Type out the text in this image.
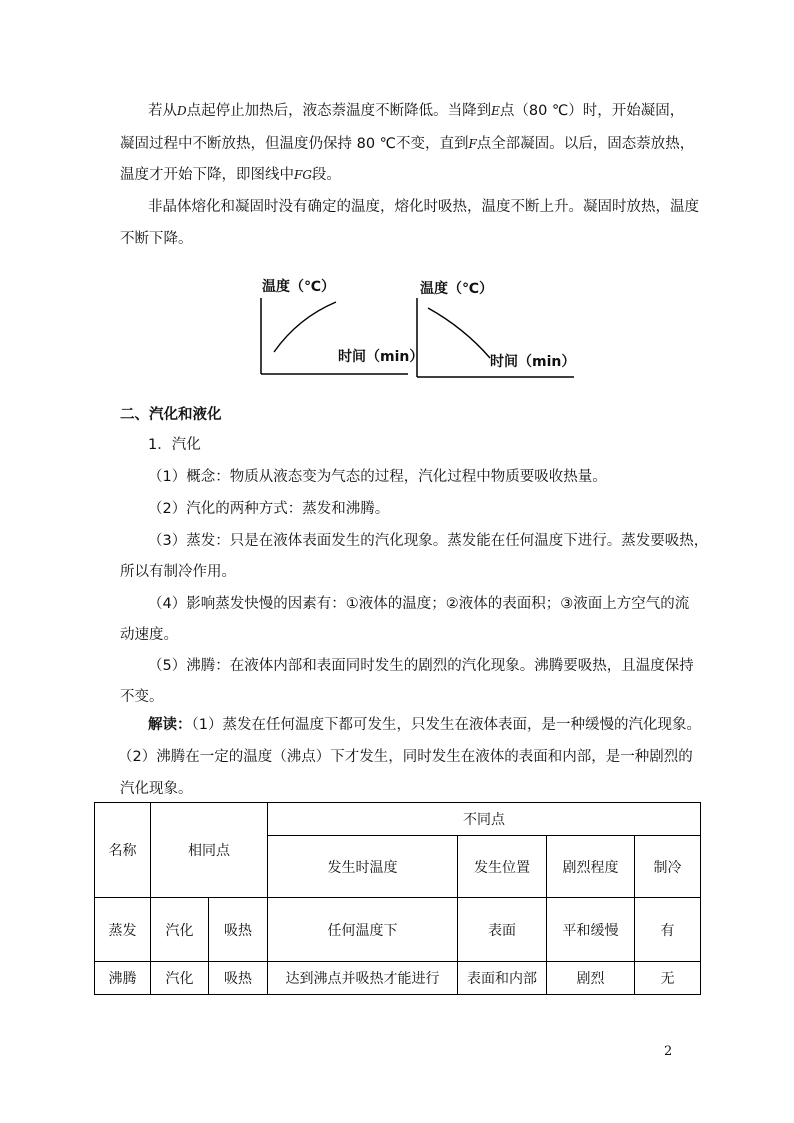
若从D点起停止加热后，液态萘温度不断降低。当降到E点（80 ℃）时，开始凝固，
凝固过程中不断放热，但温度仍保持 80 ℃不变，直到F点全部凝固。以后，固态萘放热，
温度才开始下降，即图线中FG段。
非晶体熔化和凝固时没有确定的温度，熔化时吸热，温度不断上升。凝固时放热，温度
不断下降。
温度（℃）
时间（min）
温度（℃）
时间（min）
二、汽化和液化
1．汽化
（1）概念：物质从液态变为气态的过程，汽化过程中物质要吸收热量。
（2）汽化的两种方式：蒸发和沸腾。
（3）蒸发：只是在液体表面发生的汽化现象。蒸发能在任何温度下进行。蒸发要吸热，
所以有制冷作用。
（4）影响蒸发快慢的因素有：①液体的温度；②液体的表面积；③液面上方空气的流
动速度。
（5）沸腾：在液体内部和表面同时发生的剧烈的汽化现象。沸腾要吸热，且温度保持
不变。
解读：（1）蒸发在任何温度下都可发生，只发生在液体表面，是一种缓慢的汽化现象。
（2）沸腾在一定的温度（沸点）下才发生，同时发生在液体的表面和内部，是一种剧烈的
汽化现象。
名称	相同点		不同点			
			发生时温度	发生位置	剧烈程度	制冷
蒸发	汽化	吸热	任何温度下	表面	平和缓慢	有
沸腾	汽化	吸热	达到沸点并吸热才能进行	表面和内部	剧烈	无
2
